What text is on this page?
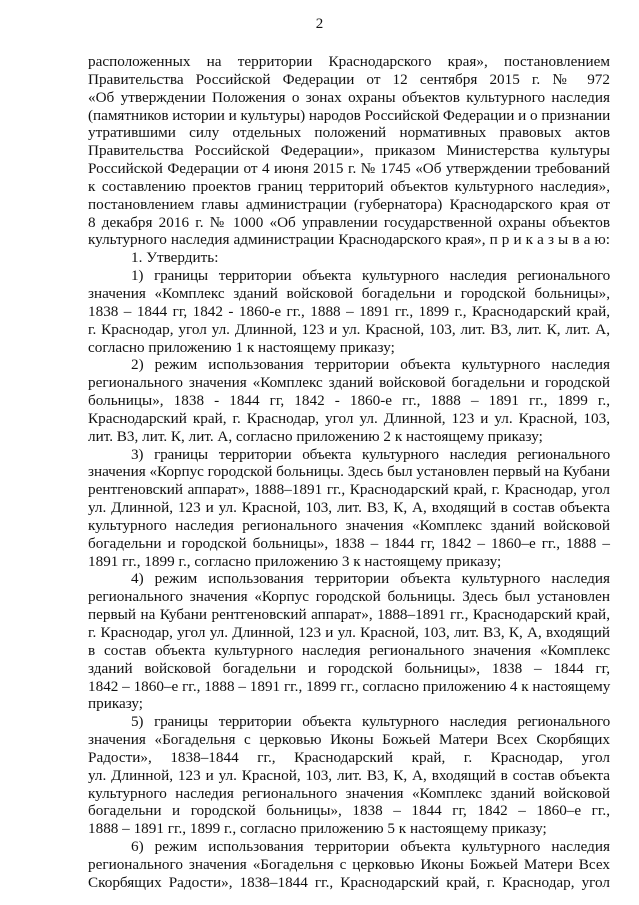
2
расположенных на территории Краснодарского края», постановлением
Правительства Российской Федерации от 12 сентября 2015 г. № 972
«Об утверждении Положения о зонах охраны объектов культурного наследия
(памятников истории и культуры) народов Российской Федерации и о признании
утратившими силу отдельных положений нормативных правовых актов
Правительства Российской Федерации», приказом Министерства культуры
Российской Федерации от 4 июня 2015 г. № 1745 «Об утверждении требований
к составлению проектов границ территорий объектов культурного наследия»,
постановлением главы администрации (губернатора) Краснодарского края от
8 декабря 2016 г. № 1000 «Об управлении государственной охраны объектов
культурного наследия администрации Краснодарского края», п р и к а з ы в а ю:
1. Утвердить:
1) границы территории объекта культурного наследия регионального
значения «Комплекс зданий войсковой богадельни и городской больницы»,
1838 – 1844 гг, 1842 - 1860-е гг., 1888 – 1891 гг., 1899 г., Краснодарский край,
г. Краснодар, угол ул. Длинной, 123 и ул. Красной, 103, лит. В3, лит. К, лит. А,
согласно приложению 1 к настоящему приказу;
2) режим использования территории объекта культурного наследия
регионального значения «Комплекс зданий войсковой богадельни и городской
больницы», 1838 - 1844 гг, 1842 - 1860-е гг., 1888 – 1891 гг., 1899 г.,
Краснодарский край, г. Краснодар, угол ул. Длинной, 123 и ул. Красной, 103,
лит. В3, лит. К, лит. А, согласно приложению 2 к настоящему приказу;
3) границы территории объекта культурного наследия регионального
значения «Корпус городской больницы. Здесь был установлен первый на Кубани
рентгеновский аппарат», 1888–1891 гг., Краснодарский край, г. Краснодар, угол
ул. Длинной, 123 и ул. Красной, 103, лит. В3, К, А, входящий в состав объекта
культурного наследия регионального значения «Комплекс зданий войсковой
богадельни и городской больницы», 1838 – 1844 гг, 1842 – 1860–е гг., 1888 –
1891 гг., 1899 г., согласно приложению 3 к настоящему приказу;
4) режим использования территории объекта культурного наследия
регионального значения «Корпус городской больницы. Здесь был установлен
первый на Кубани рентгеновский аппарат», 1888–1891 гг., Краснодарский край,
г. Краснодар, угол ул. Длинной, 123 и ул. Красной, 103, лит. В3, К, А, входящий
в состав объекта культурного наследия регионального значения «Комплекс
зданий войсковой богадельни и городской больницы», 1838 – 1844 гг,
1842 – 1860–е гг., 1888 – 1891 гг., 1899 гг., согласно приложению 4 к настоящему
приказу;
5) границы территории объекта культурного наследия регионального
значения «Богадельня с церковью Иконы Божьей Матери Всех Скорбящих
Радости», 1838–1844 гг., Краснодарский край, г. Краснодар, угол
ул. Длинной, 123 и ул. Красной, 103, лит. В3, К, А, входящий в состав объекта
культурного наследия регионального значения «Комплекс зданий войсковой
богадельни и городской больницы», 1838 – 1844 гг, 1842 – 1860–е гг.,
1888 – 1891 гг., 1899 г., согласно приложению 5 к настоящему приказу;
6) режим использования территории объекта культурного наследия
регионального значения «Богадельня с церковью Иконы Божьей Матери Всех
Скорбящих Радости», 1838–1844 гг., Краснодарский край, г. Краснодар, угол
